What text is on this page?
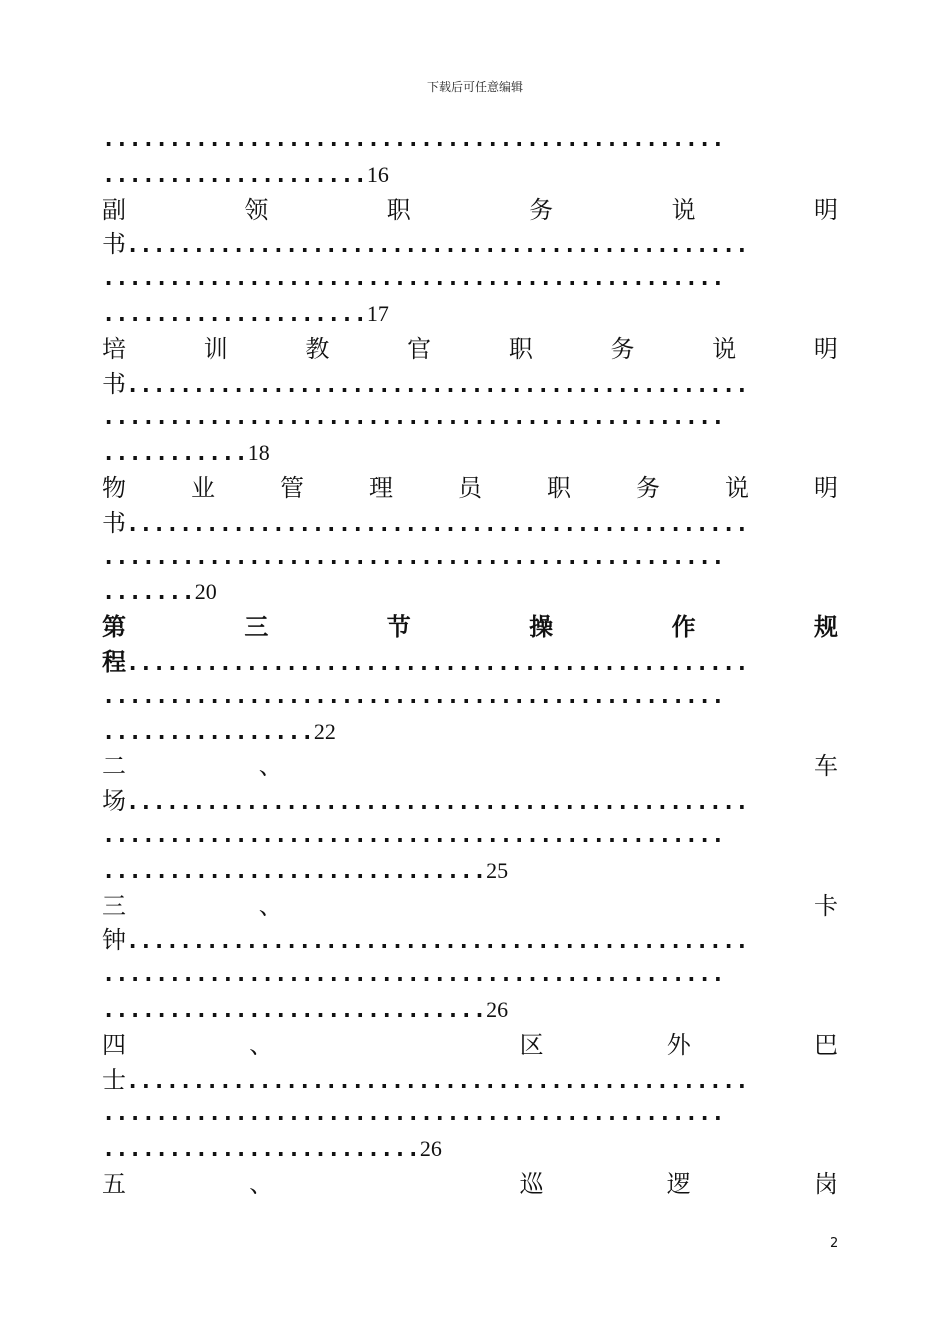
下载后可任意编辑
...............................................
.................... 16
副	领	职	务	说	明
书...............................................
...............................................
.................... 17
培	训	教	官	职	务	说	明
书...............................................
...............................................
........... 18
物	业	管	理	员	职	务	说	明
书...............................................
...............................................
....... 20
第	三	节	操	作	规
程...............................................
...............................................
................ 22
二	、	车
场...............................................
...............................................
............................. 25
三	、	卡
钟...............................................
...............................................
............................. 26
四	、	区	外	巴
士...............................................
...............................................
........................ 26
五	、	巡	逻	岗
2
